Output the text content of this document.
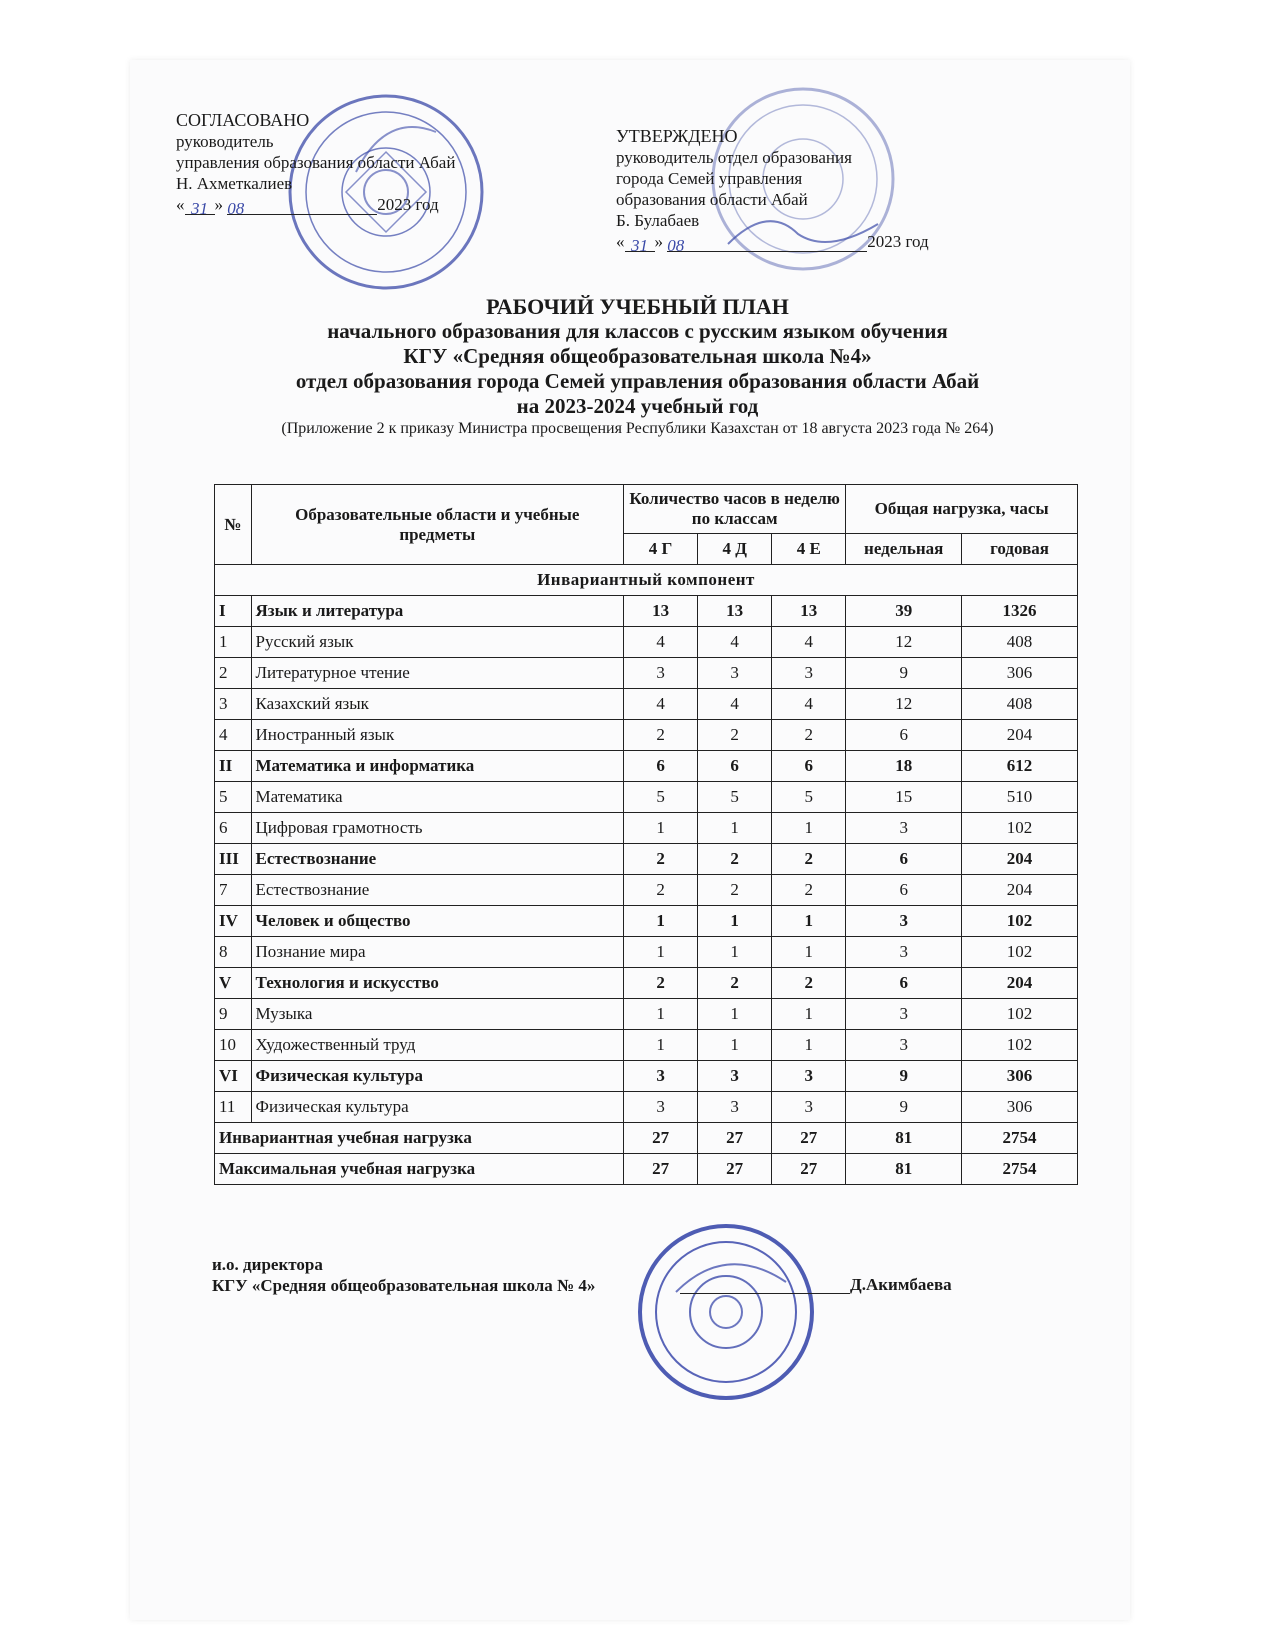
СОГЛАСОВАНО
руководитель
управления образования области Абай
Н. Ахметкалиев
« 31 » 08	2023 год
УТВЕРЖДЕНО
руководитель отдел образования
города Семей управления
образования области Абай
Б. Булабаев
« 31 » 08	2023 год
РАБОЧИЙ УЧЕБНЫЙ ПЛАН
начального образования для классов с русским языком обучения
КГУ «Средняя общеобразовательная школа №4»
отдел образования города Семей управления образования области Абай
на 2023-2024 учебный год
(Приложение 2 к приказу Министра просвещения Республики Казахстан от 18 августа 2023 года № 264)
№	Образовательные области и учебные предметы	Количество часов в неделю по классам			Общая нагрузка, часы	
		4 Г	4 Д	4 Е	недельная	годовая
Инвариантный компонент						
I	Язык и литература	13	13	13	39	1326
1	Русский язык	4	4	4	12	408
2	Литературное чтение	3	3	3	9	306
3	Казахский язык	4	4	4	12	408
4	Иностранный язык	2	2	2	6	204
II	Математика и информатика	6	6	6	18	612
5	Математика	5	5	5	15	510
6	Цифровая грамотность	1	1	1	3	102
III	Естествознание	2	2	2	6	204
7	Естествознание	2	2	2	6	204
IV	Человек и общество	1	1	1	3	102
8	Познание мира	1	1	1	3	102
V	Технология и искусство	2	2	2	6	204
9	Музыка	1	1	1	3	102
10	Художественный труд	1	1	1	3	102
VI	Физическая культура	3	3	3	9	306
11	Физическая культура	3	3	3	9	306
Инвариантная учебная нагрузка		27	27	27	81	2754
Максимальная учебная нагрузка		27	27	27	81	2754
и.о. директора
КГУ «Средняя общеобразовательная школа № 4»	Д.Акимбаева
